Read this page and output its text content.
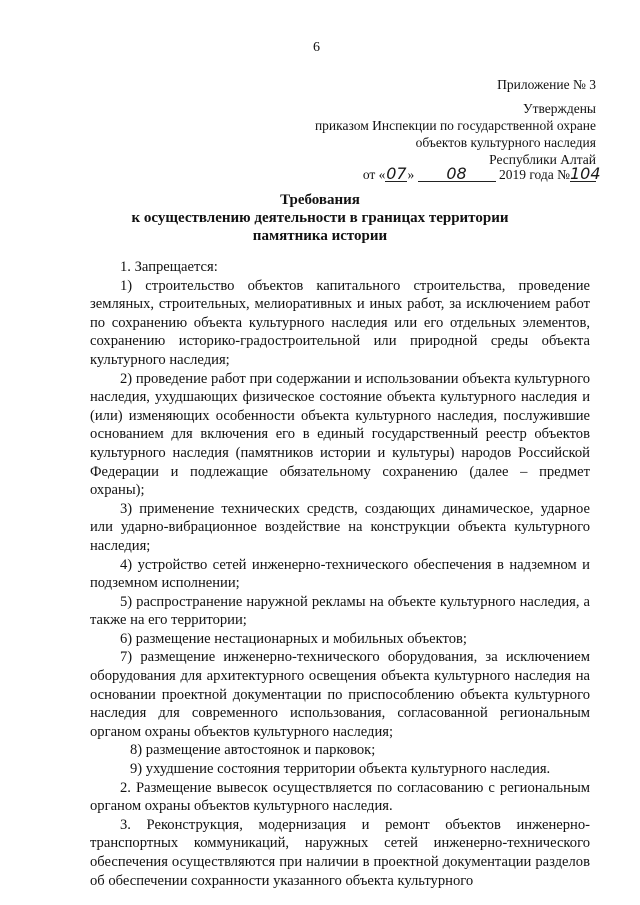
6
Приложение № 3
Утверждены
приказом Инспекции по государственной охране
объектов культурного наследия
Республики Алтай
от «07» 08 2019 года №104
Требования
к осуществлению деятельности в границах территории
памятника истории

1. Запрещается:

1) строительство объектов капитального строительства, проведение земляных, строительных, мелиоративных и иных работ, за исключением работ по сохранению объекта культурного наследия или его отдельных элементов, сохранению историко-градостроительной или природной среды объекта культурного наследия;

2) проведение работ при содержании и использовании объекта культурного наследия, ухудшающих физическое состояние объекта культурного наследия и (или) изменяющих особенности объекта культурного наследия, послужившие основанием для включения его в единый государственный реестр объектов культурного наследия (памятников истории и культуры) народов Российской Федерации и подлежащие обязательному сохранению (далее – предмет охраны);

3) применение технических средств, создающих динамическое, ударное или ударно-вибрационное воздействие на конструкции объекта культурного наследия;

4) устройство сетей инженерно-технического обеспечения в надземном и подземном исполнении;

5) распространение наружной рекламы на объекте культурного наследия, а также на его территории;

6) размещение нестационарных и мобильных объектов;

7) размещение инженерно-технического оборудования, за исключением оборудования для архитектурного освещения объекта культурного наследия на основании проектной документации по приспособлению объекта культурного наследия для современного использования, согласованной региональным органом охраны объектов культурного наследия;

8) размещение автостоянок и парковок;

9) ухудшение состояния территории объекта культурного наследия.

2. Размещение вывесок осуществляется по согласованию с региональным органом охраны объектов культурного наследия.

3. Реконструкция, модернизация и ремонт объектов инженерно-транспортных коммуникаций, наружных сетей инженерно-технического обеспечения осуществляются при наличии в проектной документации разделов об обеспечении сохранности указанного объекта культурного
